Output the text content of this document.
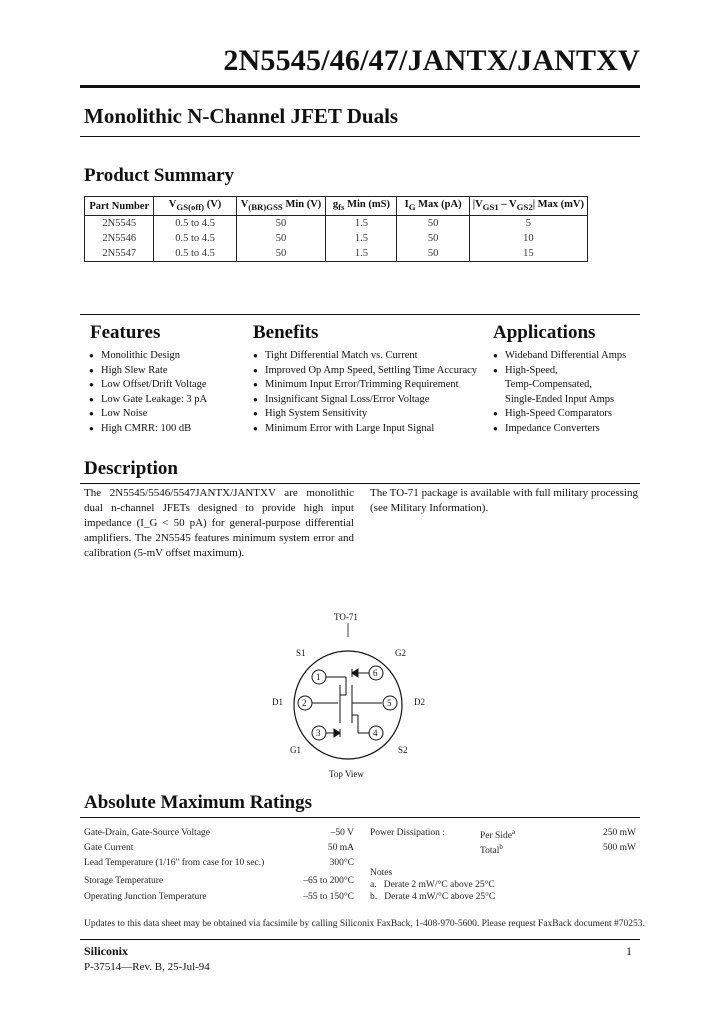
2N5545/46/47/JANTX/JANTXV
Monolithic N-Channel JFET Duals
Product Summary
Part Number	$V_{GS(off)}$ (V)	$V_{(BR)GSS}$ Min (V)	$g_{fs}$ Min (mS)	$I_G$ Max (pA)	$|V_{GS1} - V_{GS2}|$ Max (mV)
2N5545	0.5 to 4.5	50	1.5	50	5
2N5546	0.5 to 4.5	50	1.5	50	10
2N5547	0.5 to 4.5	50	1.5	50	15
Features
● Monolithic Design
● High Slew Rate
● Low Offset/Drift Voltage
● Low Gate Leakage: 3 pA
● Low Noise
● High CMRR: 100 dB
Benefits
● Tight Differential Match vs. Current
● Improved Op Amp Speed, Settling Time Accuracy
● Minimum Input Error/Trimming Requirement
● Insignificant Signal Loss/Error Voltage
● High System Sensitivity
● Minimum Error with Large Input Signal
Applications
● Wideband Differential Amps
● High-Speed,
Temp-Compensated,
Single-Ended Input Amps
● High-Speed Comparators
● Impedance Converters
Description
The 2N5545/5546/5547JANTX/JANTXV are monolithic dual n-channel JFETs designed to provide high input impedance (I_G < 50 pA) for general-purpose differential amplifiers. The 2N5545 features minimum system error and calibration (5-mV offset maximum).
The TO-71 package is available with full military processing (see Military Information).
TO-71
S1	G2
D1	D2
G1	S2
1
2
3	4
5
6
Top View
Absolute Maximum Ratings
Gate-Drain, Gate-Source Voltage	–50 V
Gate Current	50 mA
Lead Temperature (1/16" from case for 10 sec.)	300°C
Storage Temperature	–65 to 200°C
Operating Junction Temperature	–55 to 150°C
Power Dissipation :	Per Side$^a$	250 mW
Total$^b$	500 mW
Notes
a. Derate 2 mW/°C above 25°C
b. Derate 4 mW/°C above 25°C
Updates to this data sheet may be obtained via facsimile by calling Siliconix FaxBack, 1-408-970-5600. Please request FaxBack document #70253.
Siliconix
P-37514—Rev. B, 25-Jul-94
1
